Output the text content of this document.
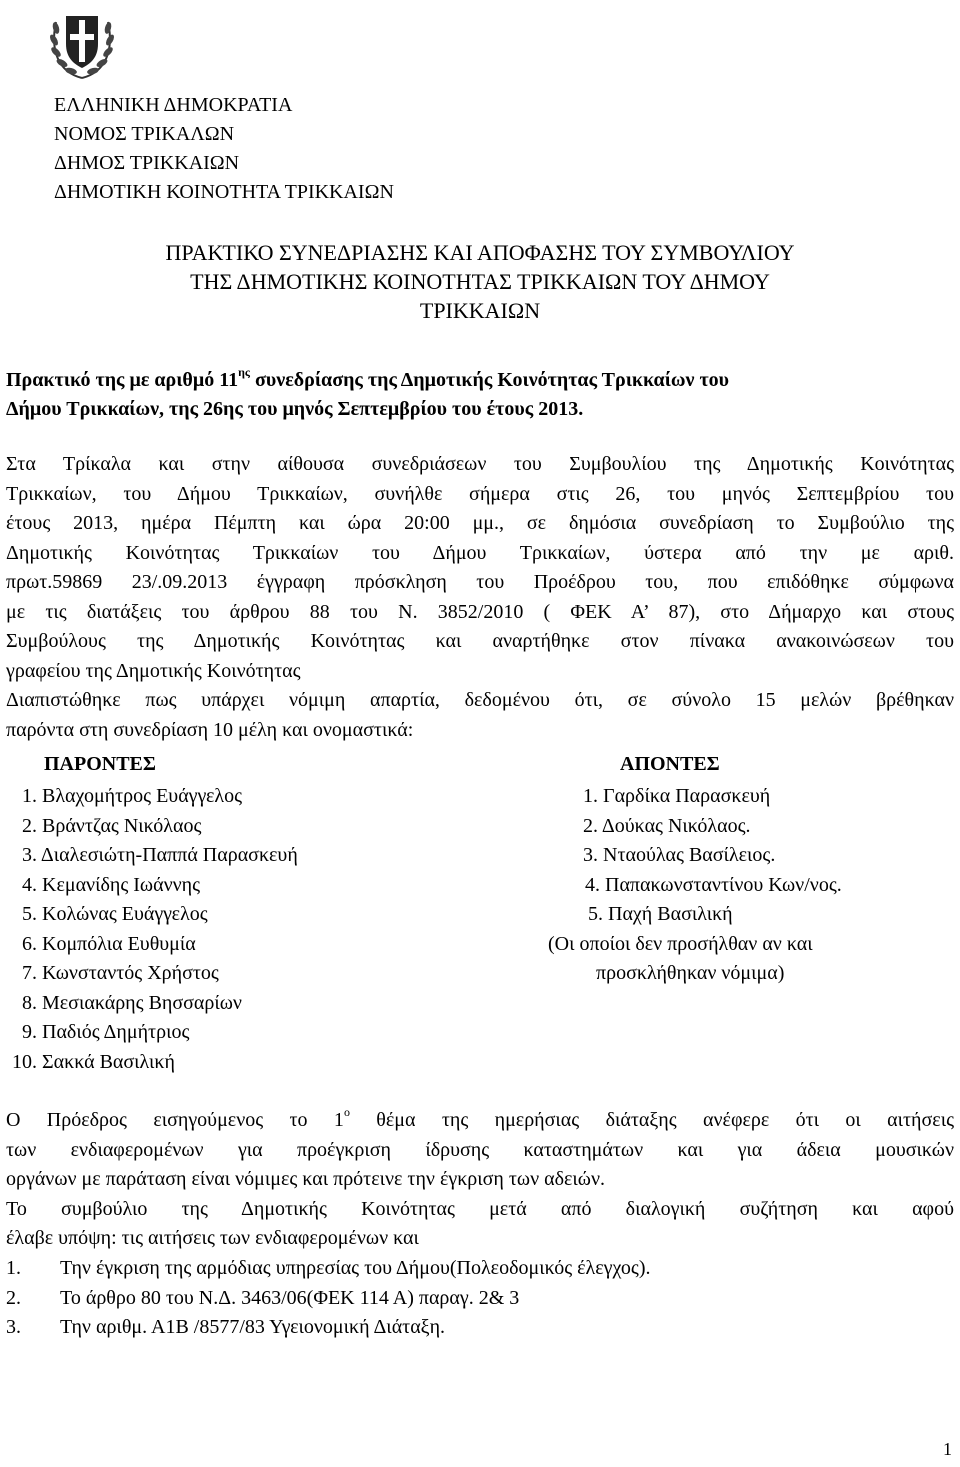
ΕΛΛΗΝΙΚΗ ΔΗΜΟΚΡΑΤΙΑ
ΝΟΜΟΣ ΤΡΙΚΑΛΩΝ
ΔΗΜΟΣ ΤΡΙΚΚΑΙΩΝ
ΔΗΜΟΤΙΚΗ ΚΟΙΝΟΤΗΤΑ ΤΡΙΚΚΑΙΩΝ
ΠΡΑΚΤΙΚΟ ΣΥΝΕΔΡΙΑΣΗΣ ΚΑΙ ΑΠΟΦΑΣΗΣ ΤΟΥ ΣΥΜΒΟΥΛΙΟΥ
ΤΗΣ ΔΗΜΟΤΙΚΗΣ ΚΟΙΝΟΤΗΤΑΣ ΤΡΙΚΚΑΙΩΝ ΤΟΥ ΔΗΜΟΥ
ΤΡΙΚΚΑΙΩΝ
Πρακτικό της με αριθμό $11^{\eta\varsigma}$ συνεδρίασης της Δημοτικής Κοινότητας Τρικκαίων του
Δήμου Τρικκαίων, της 26ης του μηνός Σεπτεμβρίου του έτους 2013.
Στα Τρίκαλα και στην αίθουσα συνεδριάσεων του Συμβουλίου της Δημοτικής Κοινότητας
Τρικκαίων, του Δήμου Τρικκαίων, συνήλθε σήμερα στις 26, του μηνός Σεπτεμβρίου του
έτους 2013, ημέρα Πέμπτη και ώρα 20:00 μμ., σε δημόσια συνεδρίαση το Συμβούλιο της
Δημοτικής Κοινότητας Τρικκαίων του Δήμου Τρικκαίων, ύστερα από την με αριθ.
πρωτ.59869 23/.09.2013 έγγραφη πρόσκληση του Προέδρου του, που επιδόθηκε σύμφωνα
με τις διατάξεις του άρθρου 88 του Ν. 3852/2010 ( ΦΕΚ Α’ 87), στο Δήμαρχο και στους
Συμβούλους της Δημοτικής Κοινότητας και αναρτήθηκε στον πίνακα ανακοινώσεων του
γραφείου της Δημοτικής Κοινότητας
Διαπιστώθηκε πως υπάρχει νόμιμη απαρτία, δεδομένου ότι, σε σύνολο 15 μελών βρέθηκαν
παρόντα στη συνεδρίαση 10 μέλη και ονομαστικά:
ΠΑΡΟΝΤΕΣ
1. Βλαχομήτρος Ευάγγελος
2. Βράντζας Νικόλαος
3. Διαλεσιώτη-Παππά Παρασκευή
4. Κεμανίδης Ιωάννης
5. Κολώνας Ευάγγελος
6. Κομπόλια Ευθυμία
7. Κωνσταντός Χρήστος
8. Μεσιακάρης Βησσαρίων
9. Παδιός Δημήτριος
10. Σακκά Βασιλική
ΑΠΟΝΤΕΣ
1. Γαρδίκα Παρασκευή
2. Δούκας Νικόλαος.
3. Νταούλας Βασίλειος.
4. Παπακωνσταντίνου Κων/νος.
5. Παχή Βασιλική
(Οι οποίοι δεν προσήλθαν αν και
προσκλήθηκαν νόμιμα)
Ο Πρόεδρος εισηγούμενος το $1^o$ θέμα της ημερήσιας διάταξης ανέφερε ότι οι αιτήσεις
των ενδιαφερομένων για προέγκριση ίδρυσης καταστημάτων και για άδεια μουσικών
οργάνων με παράταση είναι νόμιμες και πρότεινε την έγκριση των αδειών.
Το συμβούλιο της Δημοτικής Κοινότητας μετά από διαλογική συζήτηση και αφού
έλαβε υπόψη: τις αιτήσεις των ενδιαφερομένων και
1. Την έγκριση της αρμόδιας υπηρεσίας του Δήμου(Πολεοδομικός έλεγχος).
2. Το άρθρο 80 του Ν.Δ. 3463/06(ΦΕΚ 114 Α) παραγ. 2& 3
3. Την αριθμ. Α1Β /8577/83 Υγειονομική Διάταξη.
1
